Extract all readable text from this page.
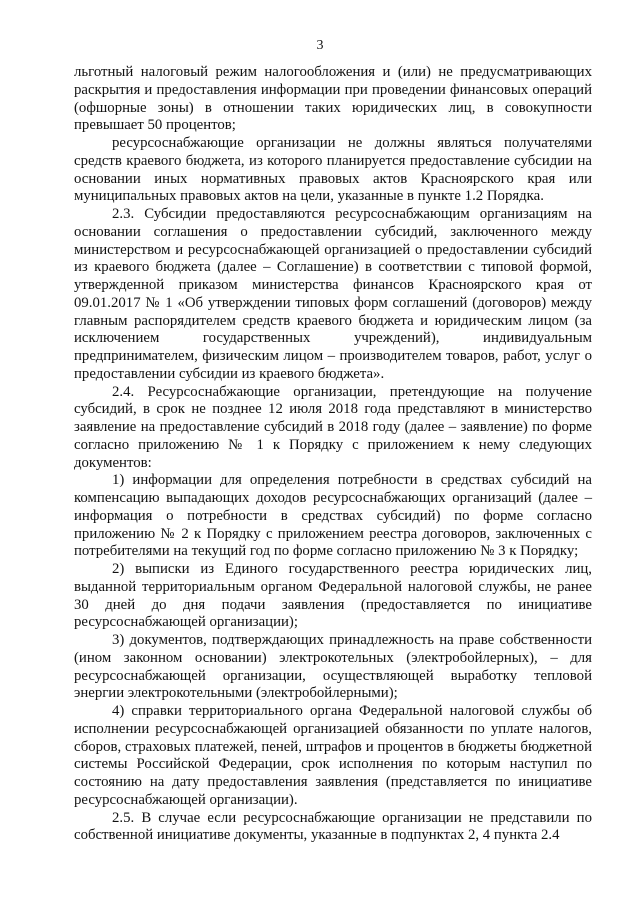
3

льготный налоговый режим налогообложения и (или) не предусматривающих раскрытия и предоставления информации при проведении финансовых операций (офшорные зоны) в отношении таких юридических лиц, в совокупности превышает 50 процентов;

ресурсоснабжающие организации не должны являться получателями средств краевого бюджета, из которого планируется предоставление субсидии на основании иных нормативных правовых актов Красноярского края или муниципальных правовых актов на цели, указанные в пункте 1.2 Порядка.

2.3. Субсидии предоставляются ресурсоснабжающим организациям на основании соглашения о предоставлении субсидий, заключенного между министерством и ресурсоснабжающей организацией о предоставлении субсидий из краевого бюджета (далее – Соглашение) в соответствии с типовой формой, утвержденной приказом министерства финансов Красноярского края от 09.01.2017 № 1 «Об утверждении типовых форм соглашений (договоров) между главным распорядителем средств краевого бюджета и юридическим лицом (за исключением государственных учреждений), индивидуальным предпринимателем, физическим лицом – производителем товаров, работ, услуг о предоставлении субсидии из краевого бюджета».

2.4. Ресурсоснабжающие организации, претендующие на получение субсидий, в срок не позднее 12 июля 2018 года представляют в министерство заявление на предоставление субсидий в 2018 году (далее – заявление) по форме согласно приложению № 1 к Порядку с приложением к нему следующих документов:

1) информации для определения потребности в средствах субсидий на компенсацию выпадающих доходов ресурсоснабжающих организаций (далее – информация о потребности в средствах субсидий) по форме согласно приложению № 2 к Порядку с приложением реестра договоров, заключенных с потребителями на текущий год по форме согласно приложению № 3 к Порядку;

2) выписки из Единого государственного реестра юридических лиц, выданной территориальным органом Федеральной налоговой службы, не ранее 30 дней до дня подачи заявления (предоставляется по инициативе ресурсоснабжающей организации);

3) документов, подтверждающих принадлежность на праве собственности (ином законном основании) электрокотельных (электробойлерных), – для ресурсоснабжающей организации, осуществляющей выработку тепловой энергии электрокотельными (электробойлерными);

4) справки территориального органа Федеральной налоговой службы об исполнении ресурсоснабжающей организацией обязанности по уплате налогов, сборов, страховых платежей, пеней, штрафов и процентов в бюджеты бюджетной системы Российской Федерации, срок исполнения по которым наступил по состоянию на дату предоставления заявления (представляется по инициативе ресурсоснабжающей организации).

2.5. В случае если ресурсоснабжающие организации не представили по собственной инициативе документы, указанные в подпунктах 2, 4 пункта 2.4
